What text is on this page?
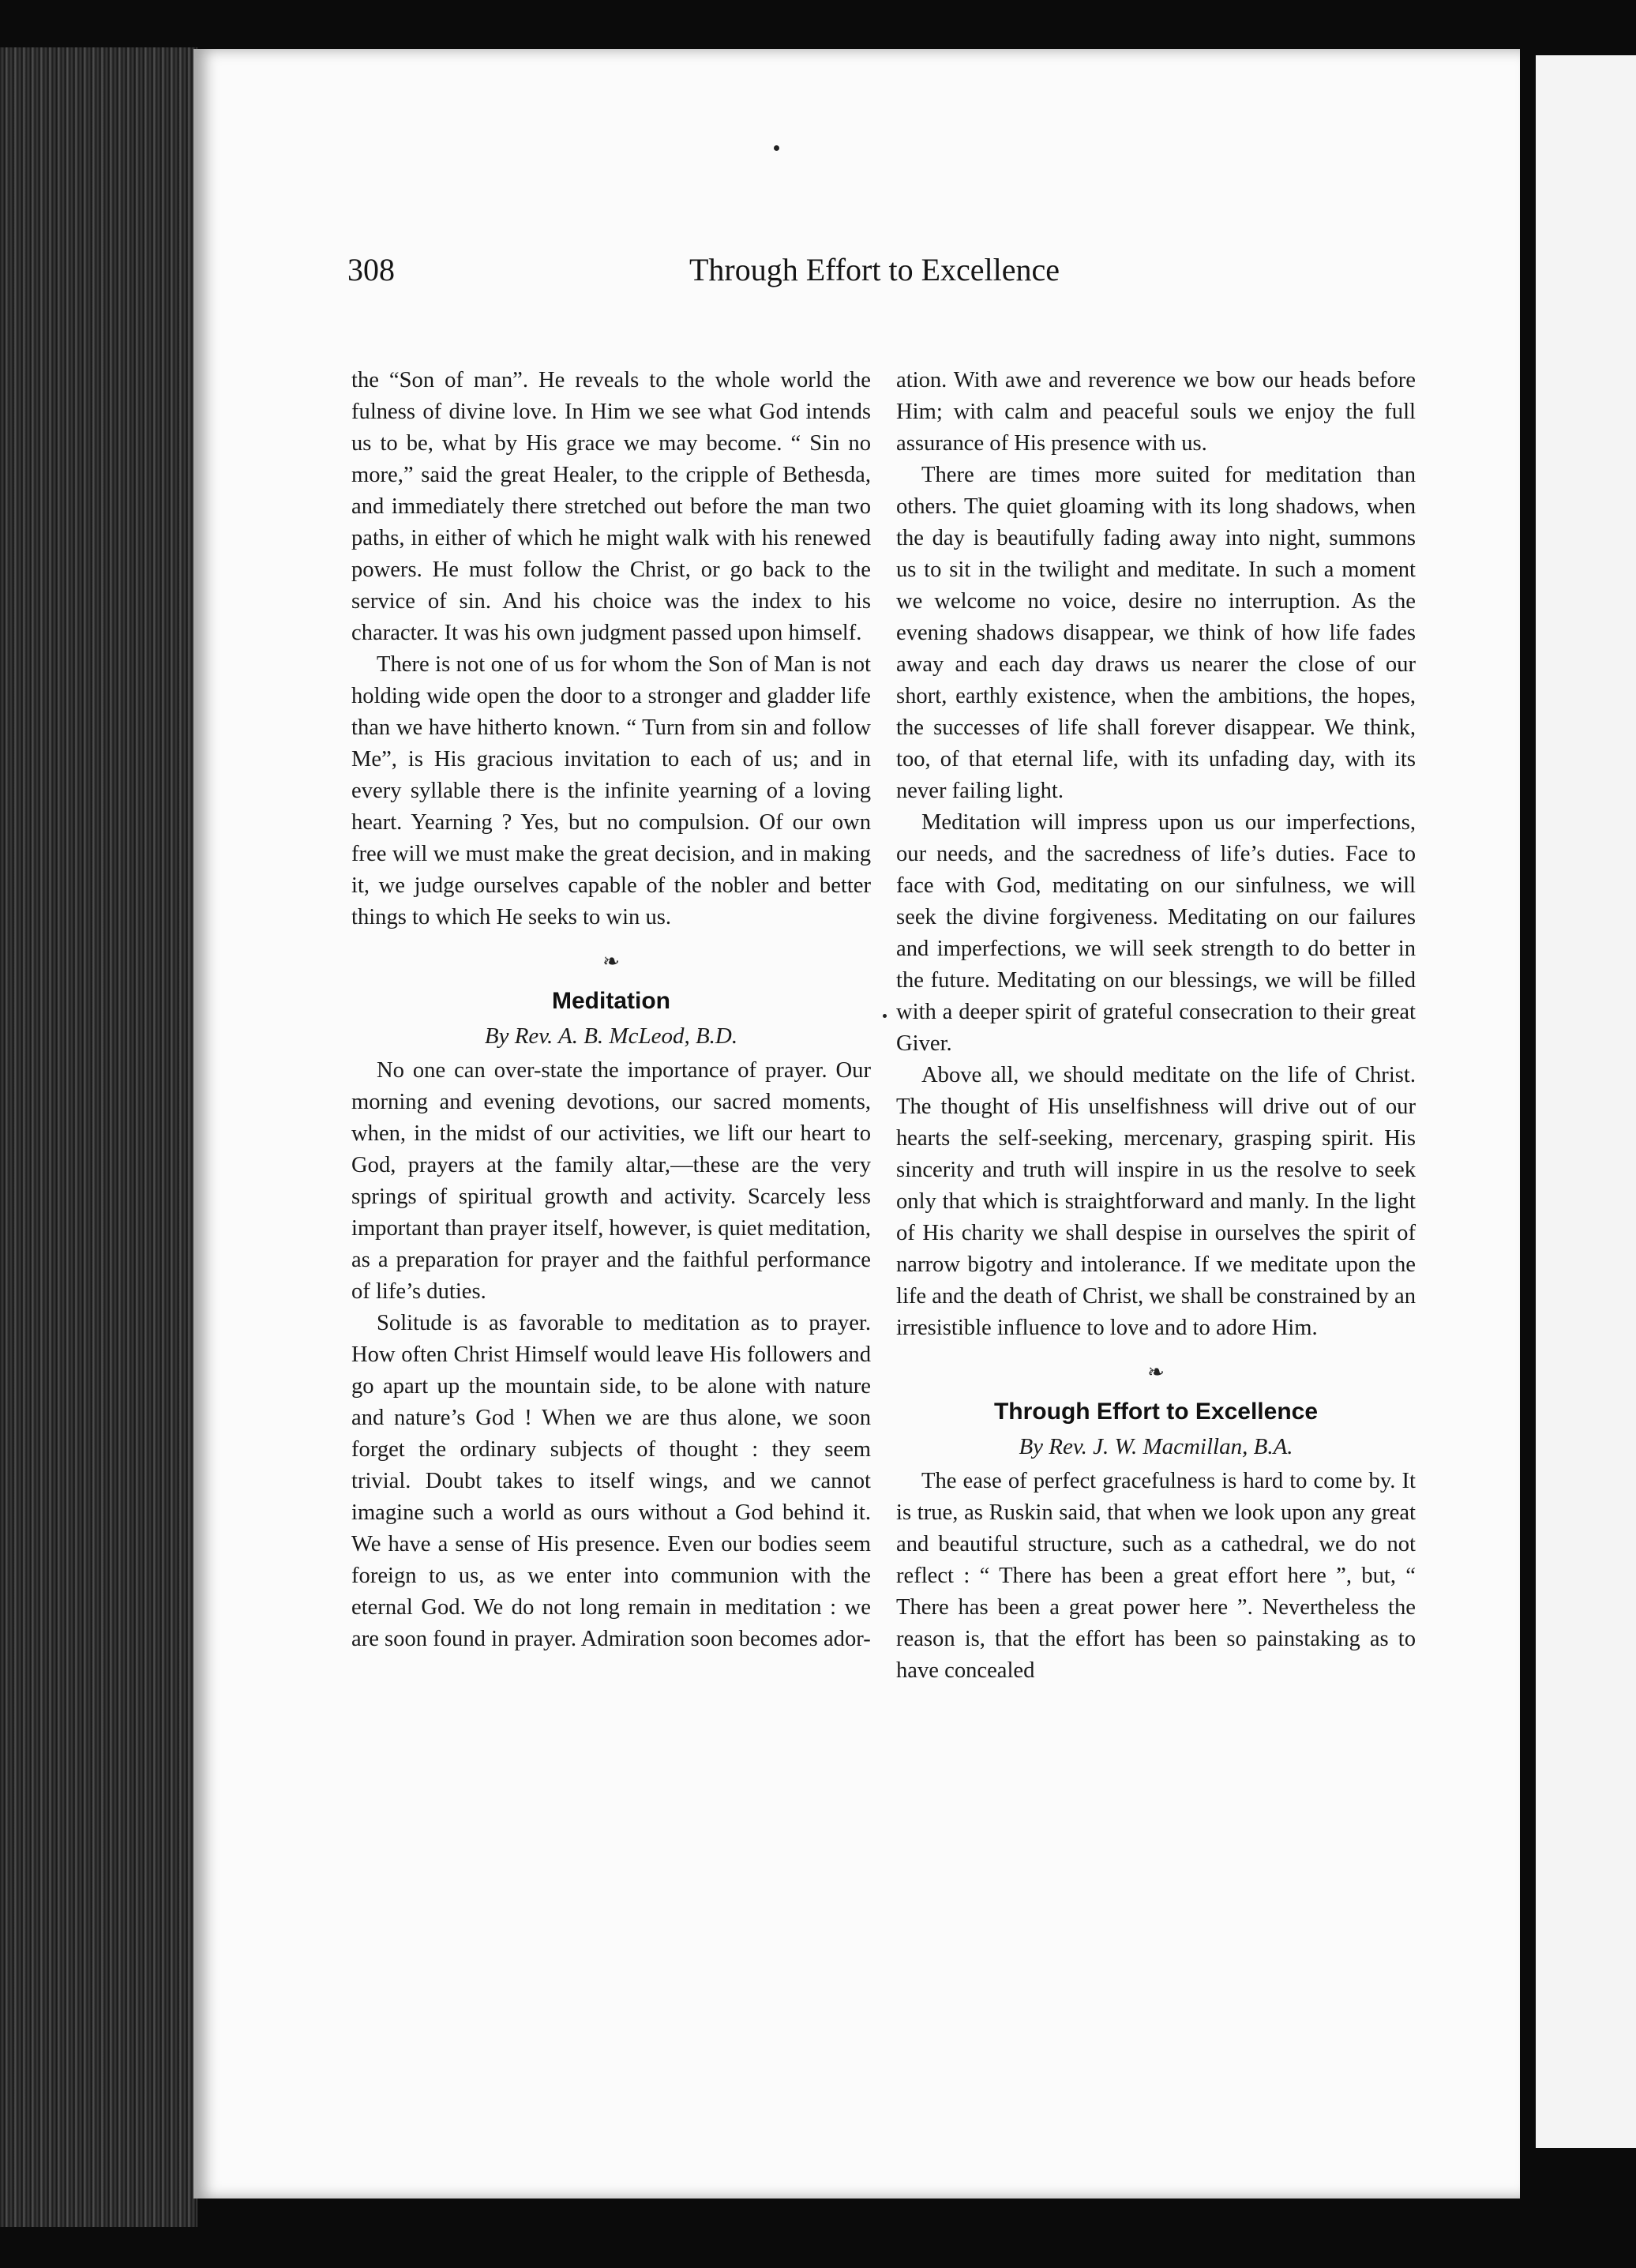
308	Through Effort to Excellence

the “Son of man”. He reveals to the whole world the fulness of divine love. In Him we see what God intends us to be, what by His grace we may become. “ Sin no more,” said the great Healer, to the cripple of Bethesda, and immediately there stretched out before the man two paths, in either of which he might walk with his renewed powers. He must follow the Christ, or go back to the service of sin. And his choice was the index to his character. It was his own judgment passed upon himself.

There is not one of us for whom the Son of Man is not holding wide open the door to a stronger and gladder life than we have hitherto known. “ Turn from sin and follow Me”, is His gracious invitation to each of us; and in every syllable there is the infinite yearning of a loving heart. Yearning ? Yes, but no compulsion. Of our own free will we must make the great decision, and in making it, we judge ourselves capable of the nobler and better things to which He seeks to win us.

❧
Meditation
By Rev. A. B. McLeod, B.D.

No one can over-state the importance of prayer. Our morning and evening devotions, our sacred moments, when, in the midst of our activities, we lift our heart to God, prayers at the family altar,—these are the very springs of spiritual growth and activity. Scarcely less important than prayer itself, however, is quiet meditation, as a preparation for prayer and the faithful performance of life’s duties.

Solitude is as favorable to meditation as to prayer. How often Christ Himself would leave His followers and go apart up the mountain side, to be alone with nature and nature’s God ! When we are thus alone, we soon forget the ordinary subjects of thought : they seem trivial. Doubt takes to itself wings, and we cannot imagine such a world as ours without a God behind it. We have a sense of His presence. Even our bodies seem foreign to us, as we enter into communion with the eternal God. We do not long remain in meditation : we are soon found in prayer. Admiration soon becomes ador-

ation. With awe and reverence we bow our heads before Him; with calm and peaceful souls we enjoy the full assurance of His presence with us.

There are times more suited for meditation than others. The quiet gloaming with its long shadows, when the day is beautifully fading away into night, summons us to sit in the twilight and meditate. In such a moment we welcome no voice, desire no interruption. As the evening shadows disappear, we think of how life fades away and each day draws us nearer the close of our short, earthly existence, when the ambitions, the hopes, the successes of life shall forever disappear. We think, too, of that eternal life, with its unfading day, with its never failing light.

Meditation will impress upon us our imperfections, our needs, and the sacredness of life’s duties. Face to face with God, meditating on our sinfulness, we will seek the divine forgiveness. Meditating on our failures and imperfections, we will seek strength to do better in the future. Meditating on our blessings, we will be filled with a deeper spirit of grateful consecration to their great Giver.

Above all, we should meditate on the life of Christ. The thought of His unselfishness will drive out of our hearts the self-seeking, mercenary, grasping spirit. His sincerity and truth will inspire in us the resolve to seek only that which is straightforward and manly. In the light of His charity we shall despise in ourselves the spirit of narrow bigotry and intolerance. If we meditate upon the life and the death of Christ, we shall be constrained by an irresistible influence to love and to adore Him.

❧
Through Effort to Excellence
By Rev. J. W. Macmillan, B.A.

The ease of perfect gracefulness is hard to come by. It is true, as Ruskin said, that when we look upon any great and beautiful structure, such as a cathedral, we do not reflect : “ There has been a great effort here ”, but, “ There has been a great power here ”. Nevertheless the reason is, that the effort has been so painstaking as to have concealed
